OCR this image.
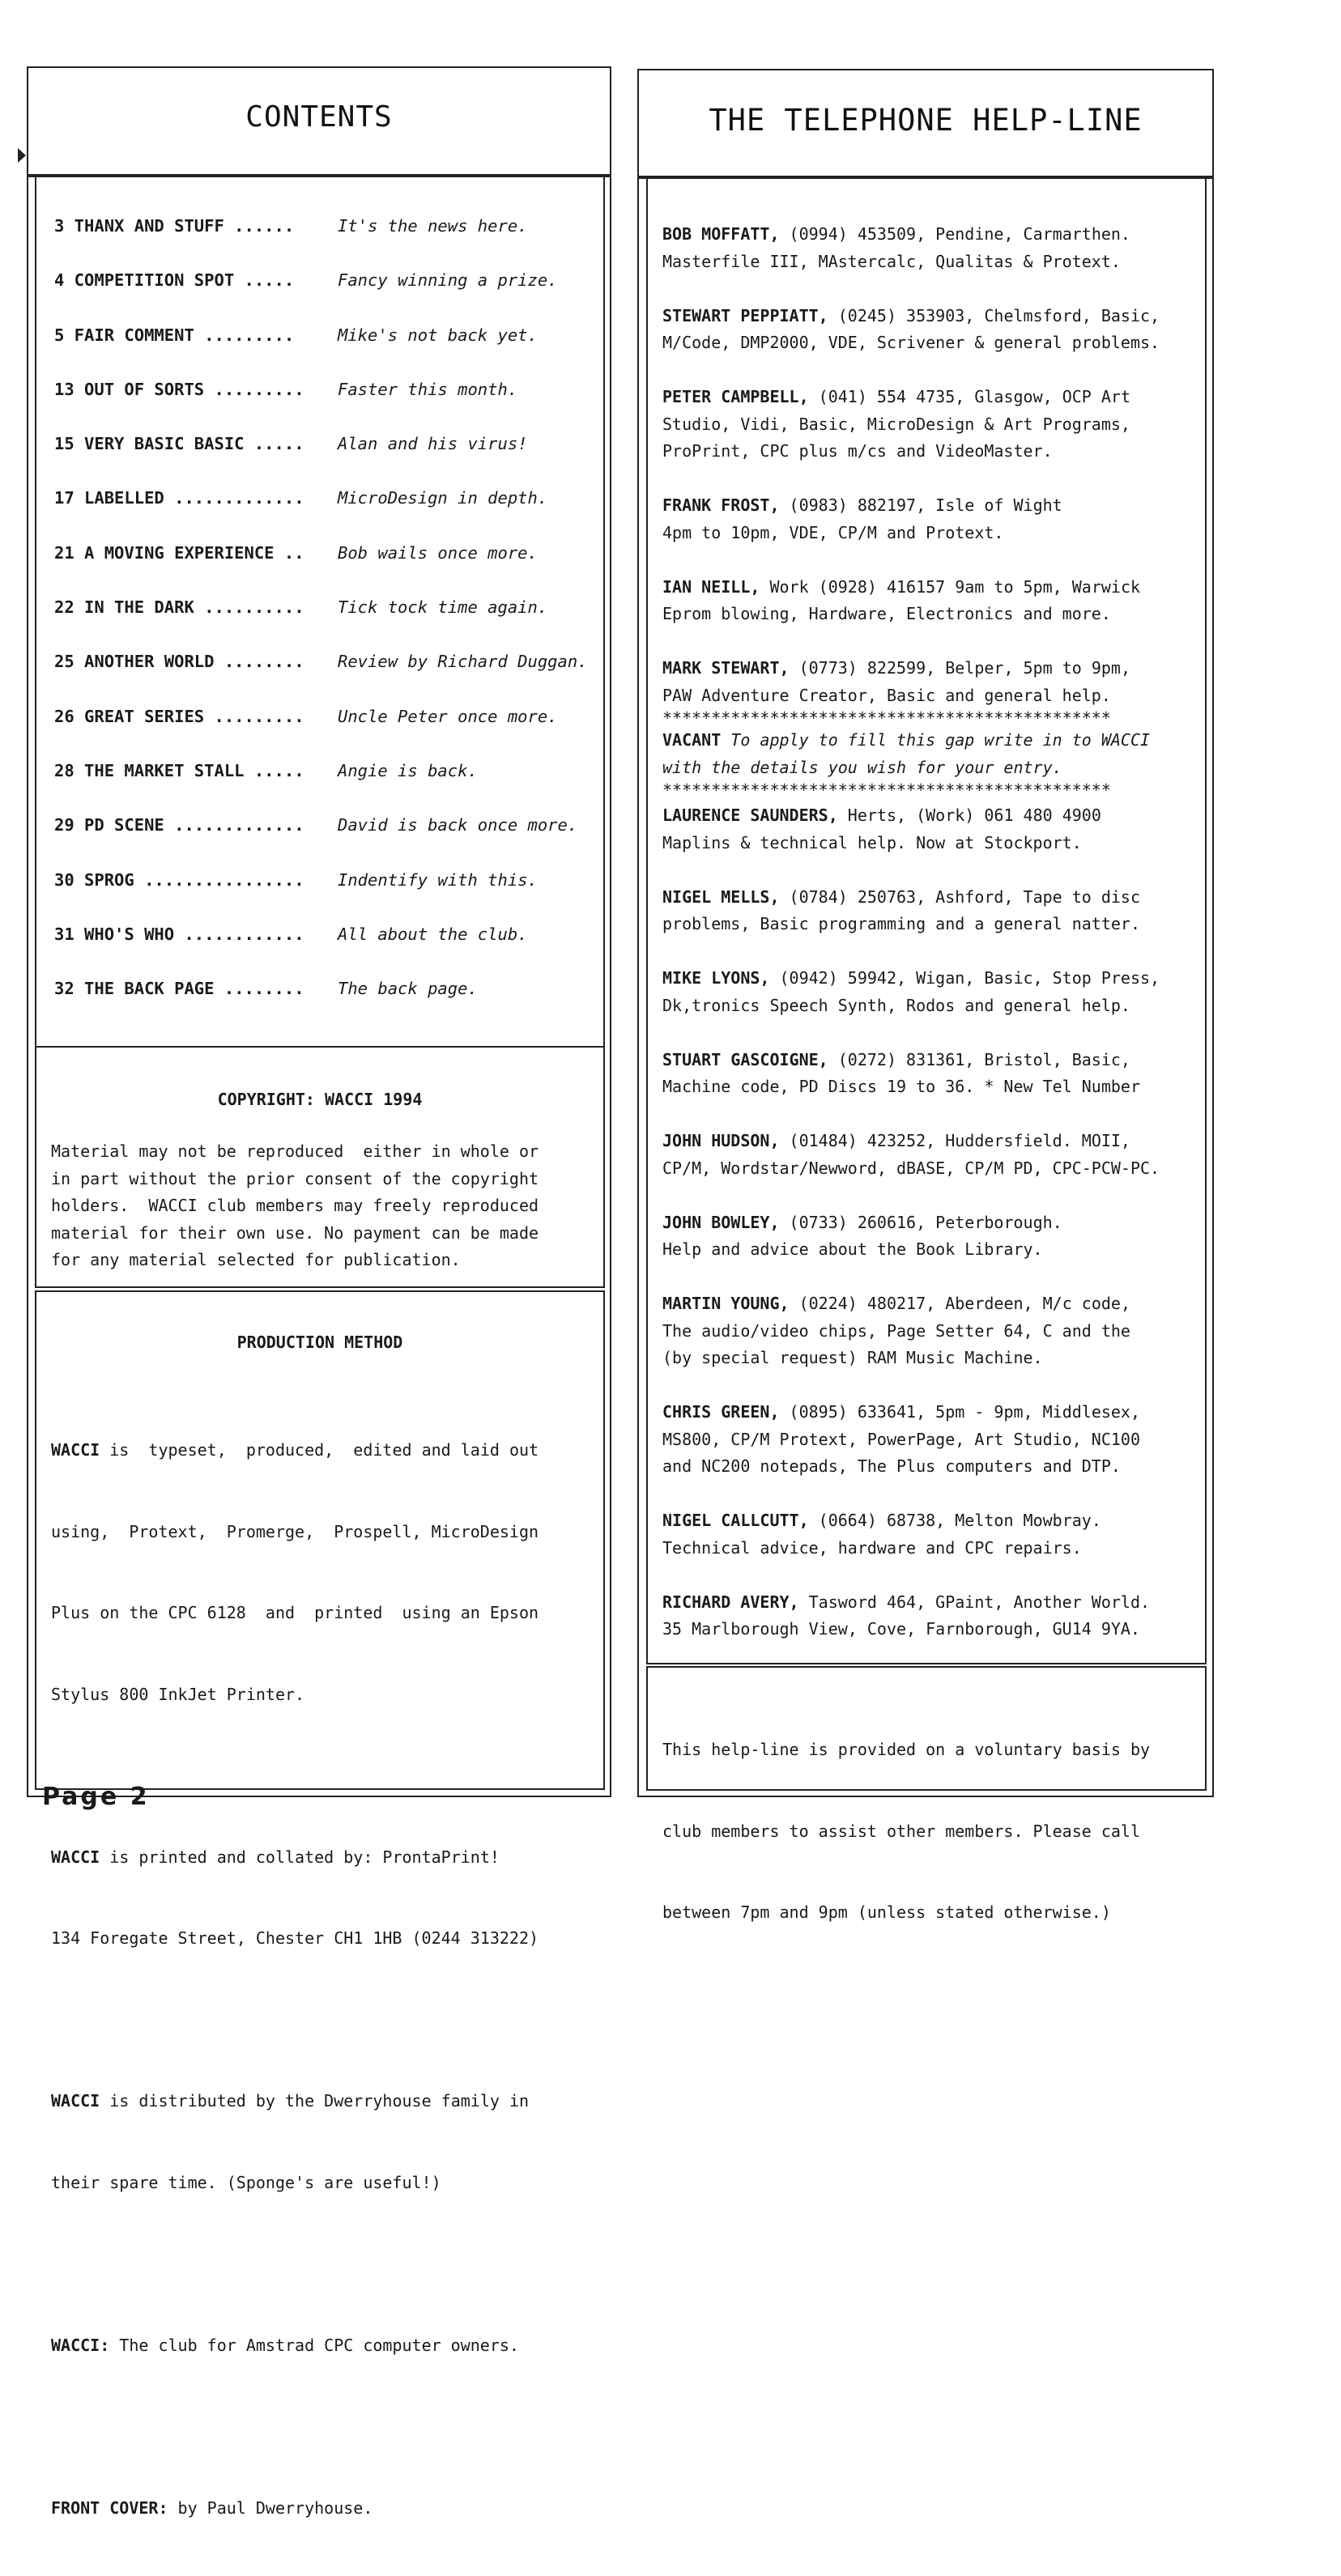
CONTENTS
3 THANX AND STUFF ......	It's the news here.
4 COMPETITION SPOT .....	Fancy winning a prize.
5 FAIR COMMENT .........	Mike's not back yet.
13 OUT OF SORTS .........	Faster this month.
15 VERY BASIC BASIC .....	Alan and his virus!
17 LABELLED .............	MicroDesign in depth.
21 A MOVING EXPERIENCE ..	Bob wails once more.
22 IN THE DARK ..........	Tick tock time again.
25 ANOTHER WORLD ........	Review by Richard Duggan.
26 GREAT SERIES .........	Uncle Peter once more.
28 THE MARKET STALL .....	Angie is back.
29 PD SCENE .............	David is back once more.
30 SPROG ................	Indentify with this.
31 WHO'S WHO ............	All about the club.
32 THE BACK PAGE ........	The back page.
COPYRIGHT: WACCI 1994
Material may not be reproduced  either in whole or
in part without the prior consent of the copyright
holders.  WACCI club members may freely reproduced
material for their own use. No payment can be made
for any material selected for publication.
PRODUCTION METHOD

WACCI is  typeset,  produced,  edited and laid out

using,  Protext,  Promerge,  Prospell, MicroDesign

Plus on the CPC 6128  and  printed  using an Epson

Stylus 800 InkJet Printer.

WACCI is printed and collated by: ProntaPrint!

134 Foregate Street, Chester CH1 1HB (0244 313222)

WACCI is distributed by the Dwerryhouse family in

their spare time. (Sponge's are useful!)

WACCI: The club for Amstrad CPC computer owners.

FRONT COVER: by Paul Dwerryhouse.

THE TELEPHONE HELP-LINE
BOB MOFFATT, (0994) 453509, Pendine, Carmarthen.
Masterfile III, MAstercalc, Qualitas & Protext.
STEWART PEPPIATT, (0245) 353903, Chelmsford, Basic,
M/Code, DMP2000, VDE, Scrivener & general problems.
PETER CAMPBELL, (041) 554 4735, Glasgow, OCP Art
Studio, Vidi, Basic, MicroDesign & Art Programs,
ProPrint, CPC plus m/cs and VideoMaster.
FRANK FROST, (0983) 882197, Isle of Wight
4pm to 10pm, VDE, CP/M and Protext.
IAN NEILL, Work (0928) 416157 9am to 5pm, Warwick
Eprom blowing, Hardware, Electronics and more.
MARK STEWART, (0773) 822599, Belper, 5pm to 9pm,
PAW Adventure Creator, Basic and general help.
**********************************************
VACANT To apply to fill this gap write in to WACCI
with the details you wish for your entry.
**********************************************
LAURENCE SAUNDERS, Herts, (Work) 061 480 4900
Maplins & technical help. Now at Stockport.
NIGEL MELLS, (0784) 250763, Ashford, Tape to disc
problems, Basic programming and a general natter.
MIKE LYONS, (0942) 59942, Wigan, Basic, Stop Press,
Dk,tronics Speech Synth, Rodos and general help.
STUART GASCOIGNE, (0272) 831361, Bristol, Basic,
Machine code, PD Discs 19 to 36. * New Tel Number
JOHN HUDSON, (01484) 423252, Huddersfield. MOII,
CP/M, Wordstar/Newword, dBASE, CP/M PD, CPC-PCW-PC.
JOHN BOWLEY, (0733) 260616, Peterborough.
Help and advice about the Book Library.
MARTIN YOUNG, (0224) 480217, Aberdeen, M/c code,
The audio/video chips, Page Setter 64, C and the
(by special request) RAM Music Machine.
CHRIS GREEN, (0895) 633641, 5pm - 9pm, Middlesex,
MS800, CP/M Protext, PowerPage, Art Studio, NC100
and NC200 notepads, The Plus computers and DTP.
NIGEL CALLCUTT, (0664) 68738, Melton Mowbray.
Technical advice, hardware and CPC repairs.
RICHARD AVERY, Tasword 464, GPaint, Another World.
35 Marlborough View, Cove, Farnborough, GU14 9YA.

This help-line is provided on a voluntary basis by

club members to assist other members. Please call

between 7pm and 9pm (unless stated otherwise.)

Page 2
